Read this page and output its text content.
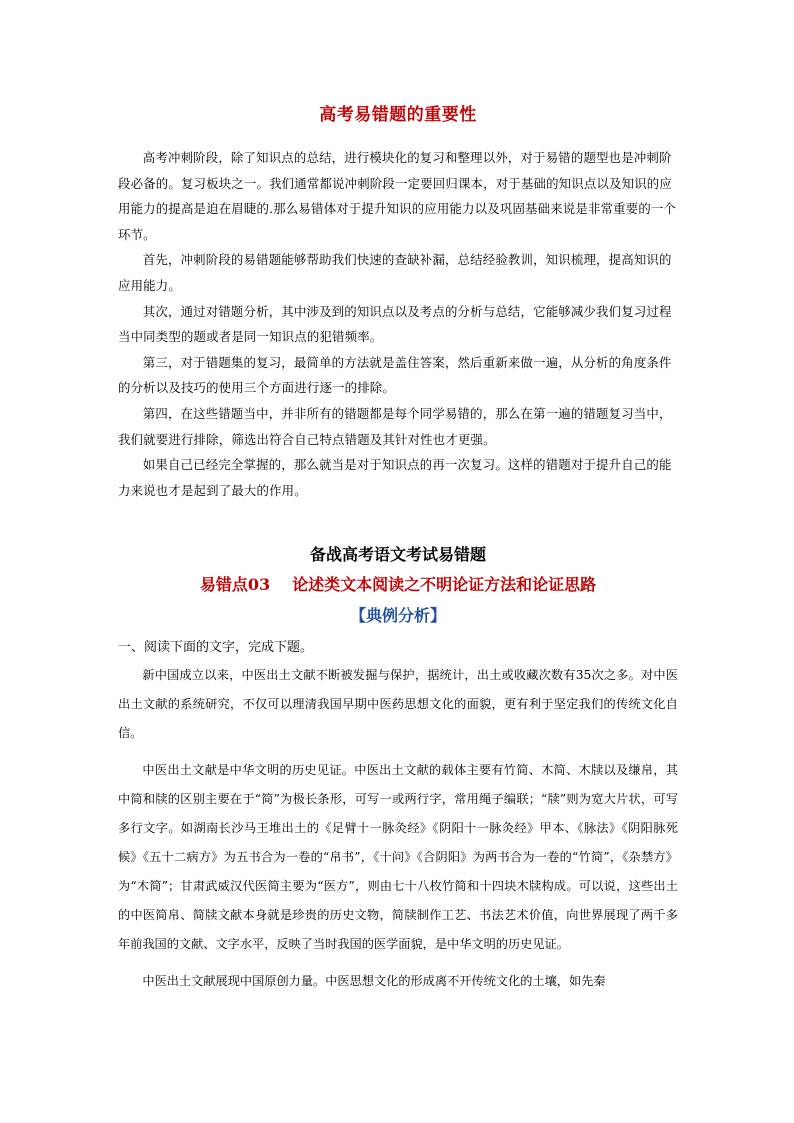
高考易错题的重要性

高考冲刺阶段，除了知识点的总结，进行模块化的复习和整理以外，对于易错的题型也是冲刺阶段必备的。复习板块之一。我们通常都说冲刺阶段一定要回归课本，对于基础的知识点以及知识的应用能力的提高是迫在眉睫的.那么易错体对于提升知识的应用能力以及巩固基础来说是非常重要的一个环节。

首先，冲刺阶段的易错题能够帮助我们快速的查缺补漏，总结经验教训，知识梳理，提高知识的应用能力。

其次，通过对错题分析，其中涉及到的知识点以及考点的分析与总结，它能够减少我们复习过程当中同类型的题或者是同一知识点的犯错频率。

第三，对于错题集的复习，最简单的方法就是盖住答案，然后重新来做一遍，从分析的角度条件的分析以及技巧的使用三个方面进行逐一的排除。

第四，在这些错题当中，并非所有的错题都是每个同学易错的，那么在第一遍的错题复习当中，我们就要进行排除，筛选出符合自己特点错题及其针对性也才更强。

如果自己已经完全掌握的，那么就当是对于知识点的再一次复习。这样的错题对于提升自己的能力来说也才是起到了最大的作用。

备战高考语文考试易错题
易错点03 论述类文本阅读之不明论证方法和论证思路
【典例分析】

一、阅读下面的文字，完成下题。

新中国成立以来，中医出土文献不断被发掘与保护，据统计，出土或收藏次数有35次之多。对中医出土文献的系统研究，不仅可以理清我国早期中医药思想文化的面貌，更有利于坚定我们的传统文化自信。

中医出土文献是中华文明的历史见证。中医出土文献的载体主要有竹简、木简、木牍以及缣帛，其中简和牍的区别主要在于“简”为极长条形，可写一或两行字，常用绳子编联；“牍”则为宽大片状，可写多行文字。如湖南长沙马王堆出土的《足臂十一脉灸经》《阴阳十一脉灸经》甲本、《脉法》《阴阳脉死候》《五十二病方》为五书合为一卷的“帛书”，《十问》《合阴阳》为两书合为一卷的“竹简”，《杂禁方》为“木简”；甘肃武威汉代医简主要为“医方”，则由七十八枚竹简和十四块木牍构成。可以说，这些出土的中医简帛、简牍文献本身就是珍贵的历史文物，简牍制作工艺、书法艺术价值，向世界展现了两千多年前我国的文献、文字水平，反映了当时我国的医学面貌，是中华文明的历史见证。

中医出土文献展现中国原创力量。中医思想文化的形成离不开传统文化的土壤，如先秦
